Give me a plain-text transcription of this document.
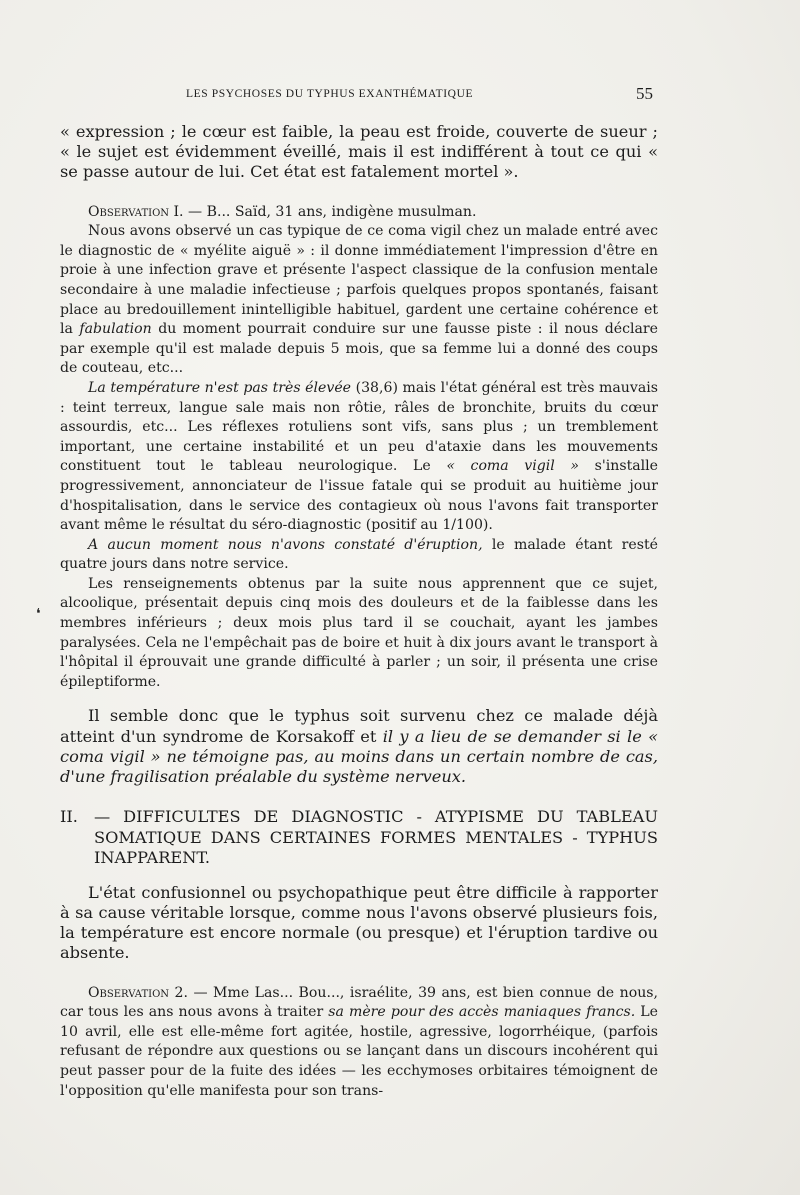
LES PSYCHOSES DU TYPHUS EXANTHÉMATIQUE	55

« expression ; le cœur est faible, la peau est froide, couverte de sueur ; « le sujet est évidemment éveillé, mais il est indifférent à tout ce qui « se passe autour de lui. Cet état est fatalement mortel ».

Observation I. — B... Saïd, 31 ans, indigène musulman.

Nous avons observé un cas typique de ce coma vigil chez un malade entré avec le diagnostic de « myélite aiguë » : il donne immédiatement l'impression d'être en proie à une infection grave et présente l'aspect classique de la confusion mentale secondaire à une maladie infectieuse ; parfois quelques propos spontanés, faisant place au bredouillement inintelligible habituel, gardent une certaine cohérence et la fabulation du moment pourrait conduire sur une fausse piste : il nous déclare par exemple qu'il est malade depuis 5 mois, que sa femme lui a donné des coups de couteau, etc...

La température n'est pas très élevée (38,6) mais l'état général est très mauvais : teint terreux, langue sale mais non rôtie, râles de bronchite, bruits du cœur assourdis, etc... Les réflexes rotuliens sont vifs, sans plus ; un tremblement important, une certaine instabilité et un peu d'ataxie dans les mouvements constituent tout le tableau neurologique. Le « coma vigil » s'installe progressivement, annonciateur de l'issue fatale qui se produit au huitième jour d'hospitalisation, dans le service des contagieux où nous l'avons fait transporter avant même le résultat du séro-diagnostic (positif au 1/100).

A aucun moment nous n'avons constaté d'éruption, le malade étant resté quatre jours dans notre service.

Les renseignements obtenus par la suite nous apprennent que ce sujet, alcoolique, présentait depuis cinq mois des douleurs et de la faiblesse dans les membres inférieurs ; deux mois plus tard il se couchait, ayant les jambes paralysées. Cela ne l'empêchait pas de boire et huit à dix jours avant le transport à l'hôpital il éprouvait une grande difficulté à parler ; un soir, il présenta une crise épileptiforme.

Il semble donc que le typhus soit survenu chez ce malade déjà atteint d'un syndrome de Korsakoff et il y a lieu de se demander si le « coma vigil » ne témoigne pas, au moins dans un certain nombre de cas, d'une fragilisation préalable du système nerveux.

II. — DIFFICULTES DE DIAGNOSTIC - ATYPISME DU TABLEAU SOMATIQUE DANS CERTAINES FORMES MENTALES - TYPHUS INAPPARENT.

L'état confusionnel ou psychopathique peut être difficile à rapporter à sa cause véritable lorsque, comme nous l'avons observé plusieurs fois, la température est encore normale (ou presque) et l'éruption tardive ou absente.

Observation 2. — Mme Las... Bou..., israélite, 39 ans, est bien connue de nous, car tous les ans nous avons à traiter sa mère pour des accès maniaques francs. Le 10 avril, elle est elle-même fort agitée, hostile, agressive, logorrhéique, (parfois refusant de répondre aux questions ou se lançant dans un discours incohérent qui peut passer pour de la fuite des idées — les ecchymoses orbitaires témoignent de l'opposition qu'elle manifesta pour son trans-

❛
